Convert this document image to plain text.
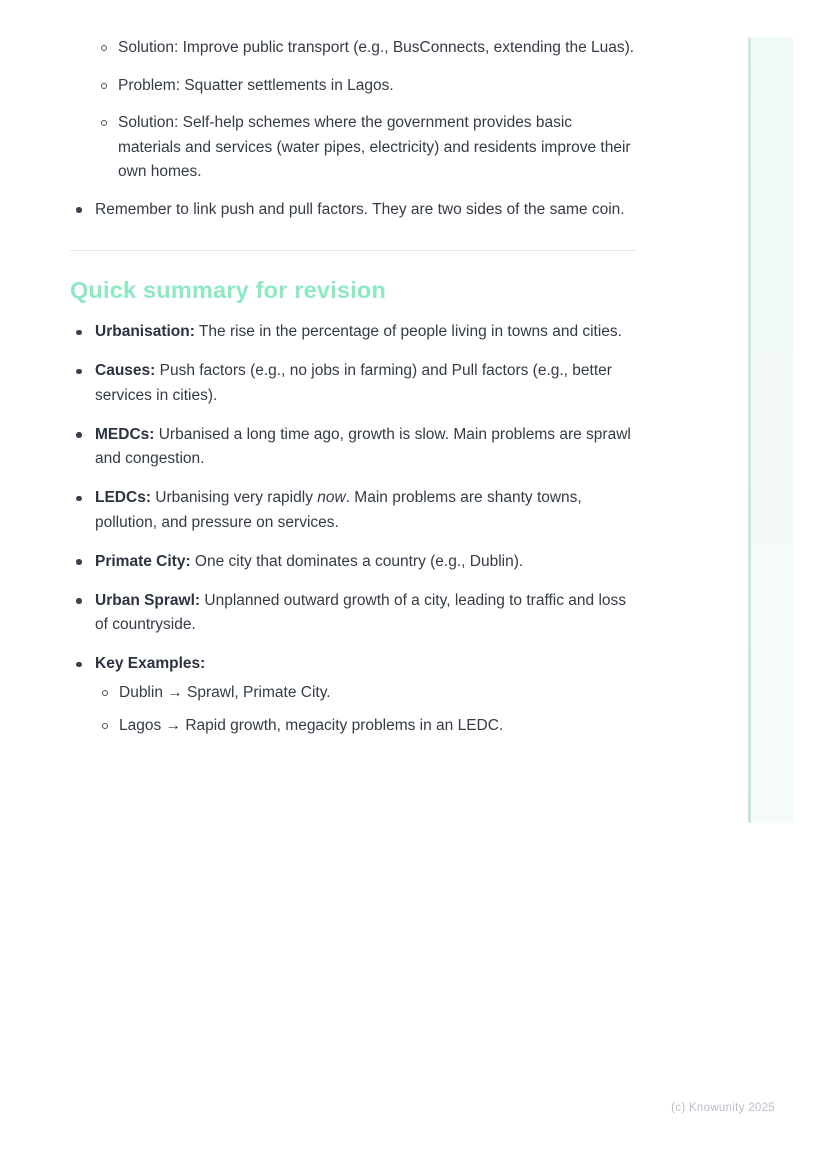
Solution: Improve public transport (e.g., BusConnects, extending the Luas).
Problem: Squatter settlements in Lagos.
Solution: Self-help schemes where the government provides basic materials and services (water pipes, electricity) and residents improve their own homes.
Remember to link push and pull factors. They are two sides of the same coin.
Quick summary for revision
Urbanisation: The rise in the percentage of people living in towns and cities.
Causes: Push factors (e.g., no jobs in farming) and Pull factors (e.g., better services in cities).
MEDCs: Urbanised a long time ago, growth is slow. Main problems are sprawl and congestion.
LEDCs: Urbanising very rapidly now. Main problems are shanty towns, pollution, and pressure on services.
Primate City: One city that dominates a country (e.g., Dublin).
Urban Sprawl: Unplanned outward growth of a city, leading to traffic and loss of countryside.
Key Examples:
Dublin → Sprawl, Primate City.
Lagos → Rapid growth, megacity problems in an LEDC.
(c) Knowunity 2025
